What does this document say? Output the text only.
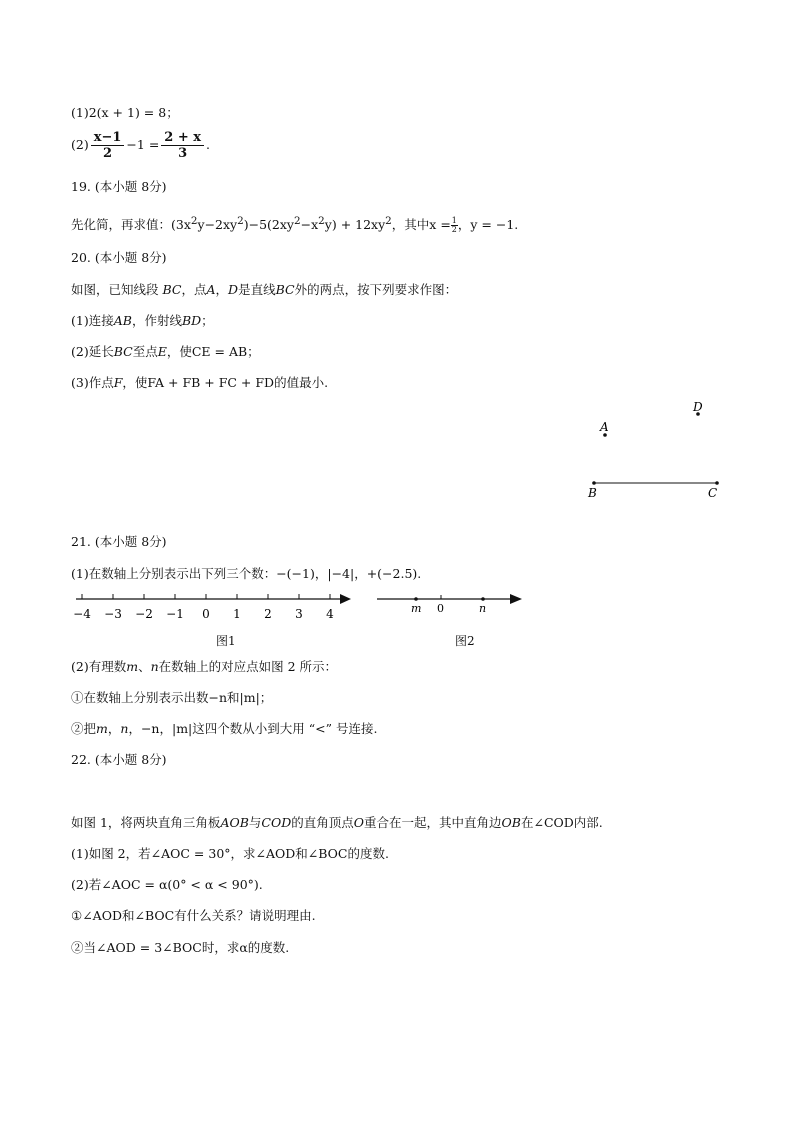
(1)2(x + 1) = 8；
$(2) \frac{x-1}{2} -1 = \frac{2 + x}{3}$ .
19. (本小题 8分)
先化简，再求值：$(3x^2y-2xy^2)-5(2xy^2-x^2y) + 12xy^2$，其中$x = \frac{1}{2}$ ，y = −1.
20. (本小题 8分)
如图，已知线段 BC，点A，D是直线BC外的两点，按下列要求作图：
(1)连接AB，作射线BD；
(2)延长BC至点E，使CE = AB；
(3)作点F，使FA + FB + FC + FD的值最小.
A
B	C
D
21. (本小题 8分)
(1)在数轴上分别表示出下列三个数：−(−1)，|−4|，+(−2.5).
−4 −3 −2 −1 0 1 2 3 4
图1
m 0	n
图2
(2)有理数m、n在数轴上的对应点如图 2 所示：
①在数轴上分别表示出数−n和|m|；
②把m，n，−n，|m|这四个数从小到大用 “<” 号连接.
22. (本小题 8分)
如图 1，将两块直角三角板AOB与COD的直角顶点O重合在一起，其中直角边OB在∠COD内部.
(1)如图 2，若∠AOC = 30°，求∠AOD和∠BOC的度数.
(2)若∠AOC = α(0° < α < 90°).
①∠AOD和∠BOC有什么关系？请说明理由.
②当∠AOD = 3∠BOC时，求α的度数.
